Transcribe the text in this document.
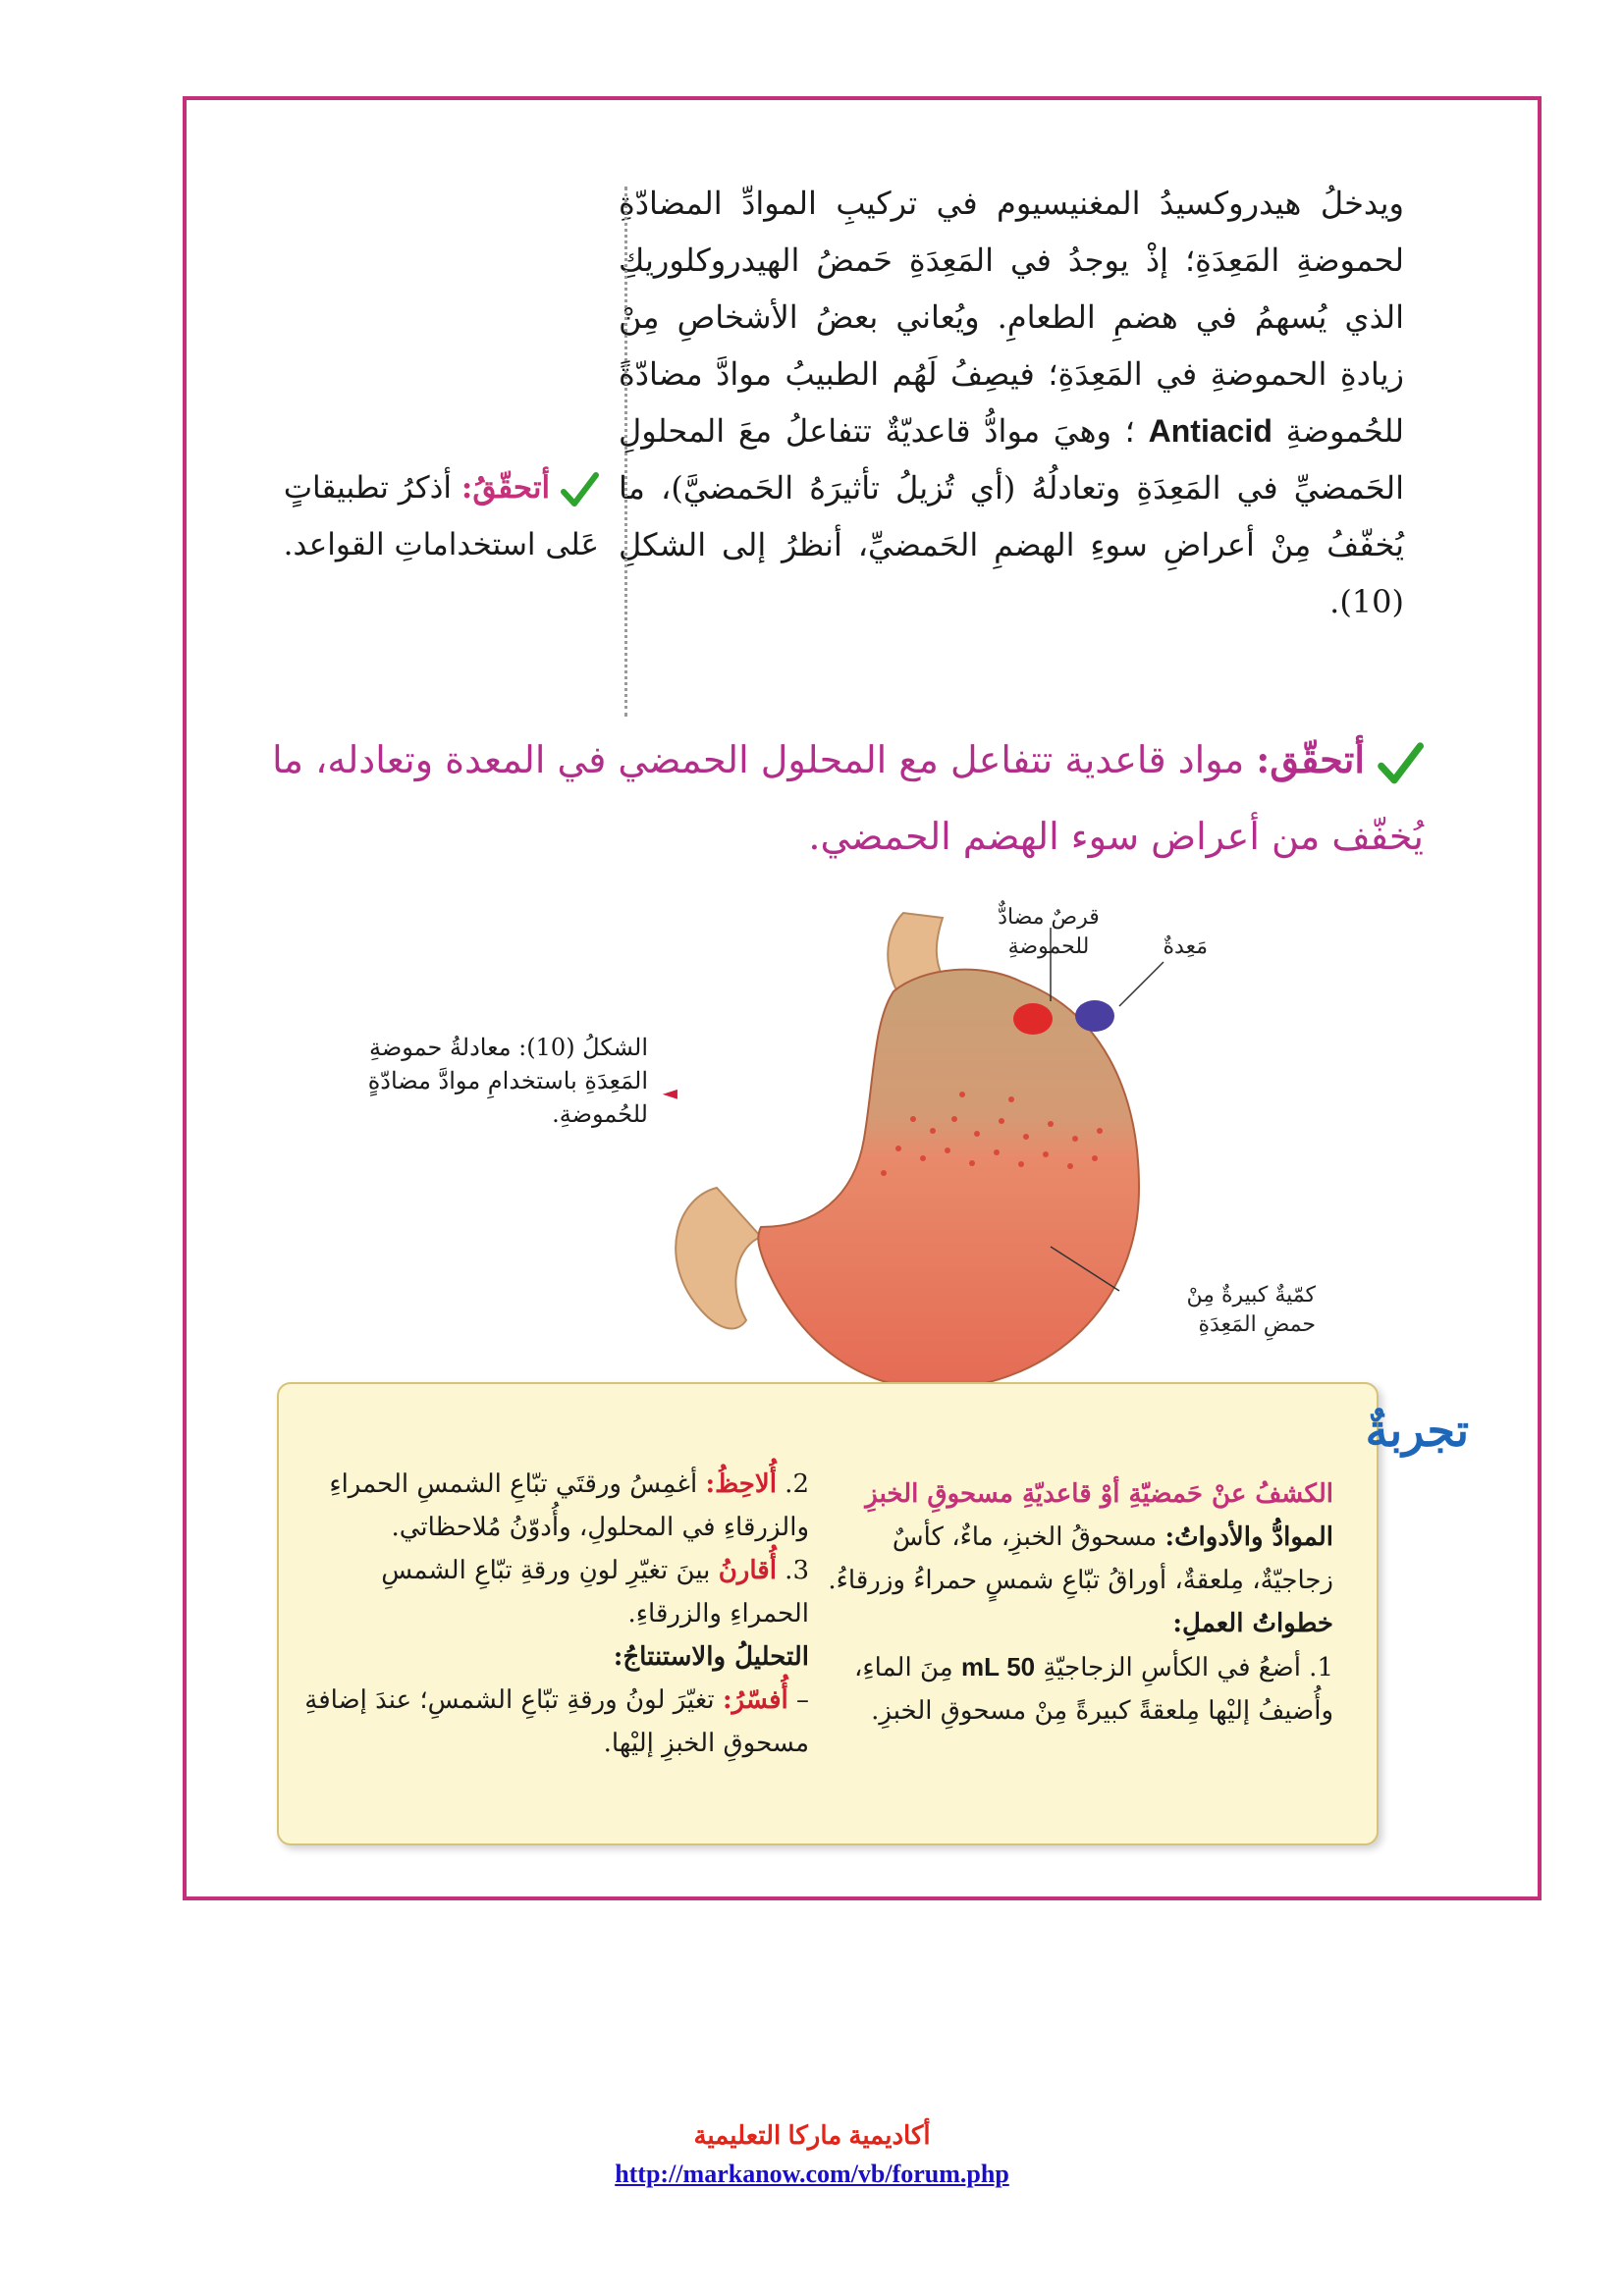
ويدخلُ هيدروكسيدُ المغنيسيوم في تركيبِ الموادِّ المضادّةِ لحموضةِ المَعِدَةِ؛ إذْ يوجدُ في المَعِدَةِ حَمضُ الهيدروكلوريكِ الذي يُسهمُ في هضمِ الطعامِ. ويُعاني بعضُ الأشخاصِ مِنْ زيادةِ الحموضةِ في المَعِدَةِ؛ فيصِفُ لَهُم الطبيبُ موادَّ مضادّةً للحُموضةِ Antiacid ؛ وهيَ موادُّ قاعديّةٌ تتفاعلُ معَ المحلولِ الحَمضيِّ في المَعِدَةِ وتعادلُهُ (أي تُزيلُ تأثيرَهُ الحَمضيَّ)، ما يُخفّفُ مِنْ أعراضِ سوءِ الهضمِ الحَمضيِّ، أنظرُ إلى الشكلِ (10).
أتحقّقُ: أذكرُ تطبيقاتٍ عَلى استخداماتِ القواعد.
أتحقّق: مواد قاعدية تتفاعل مع المحلول الحمضي في المعدة وتعادله، ما يُخفّف من أعراض سوء الهضم الحمضي.
قرصٌ مضادٌّ
للحموضةِ	مَعِدةٌ
كمّيةٌ كبيرةٌ مِنْ
حمضِ المَعِدَةِ
◄
الشكلُ (10): معادلةُ حموضةِ المَعِدَةِ باستخدامِ موادَّ مضادّةٍ للحُموضةِ.
تجربةٌ
الكشفُ عنْ حَمضيّةِ أوْ قاعديّةِ مسحوقِ الخبزِ
الموادُّ والأدواتُ: مسحوقُ الخبزِ، ماءٌ، كأسٌ زجاجيّةٌ، مِلعقةٌ، أوراقُ تبّاعِ شمسٍ حمراءُ وزرقاءُ.
خطواتُ العملِ:
1. أضعُ في الكأسِ الزجاجيّةِ 50 mL مِنَ الماءِ، وأُضيفُ إليْها مِلعقةً كبيرةً مِنْ مسحوقِ الخبزِ.
2. أُلاحِظُ: أغمِسُ ورقتَي تبّاعِ الشمسِ الحمراءِ والزرقاءِ في المحلولِ، وأُدوّنُ مُلاحظاتي.
3. أُقارنُ بينَ تغيّرِ لونِ ورقةِ تبّاعِ الشمسِ الحمراءِ والزرقاءِ.
التحليلُ والاستنتاجُ:
– أُفسّرُ: تغيّرَ لونُ ورقةِ تبّاعِ الشمسِ؛ عندَ إضافةِ مسحوقِ الخبزِ إليْها.
أكاديمية ماركا التعليمية
http://markanow.com/vb/forum.php
